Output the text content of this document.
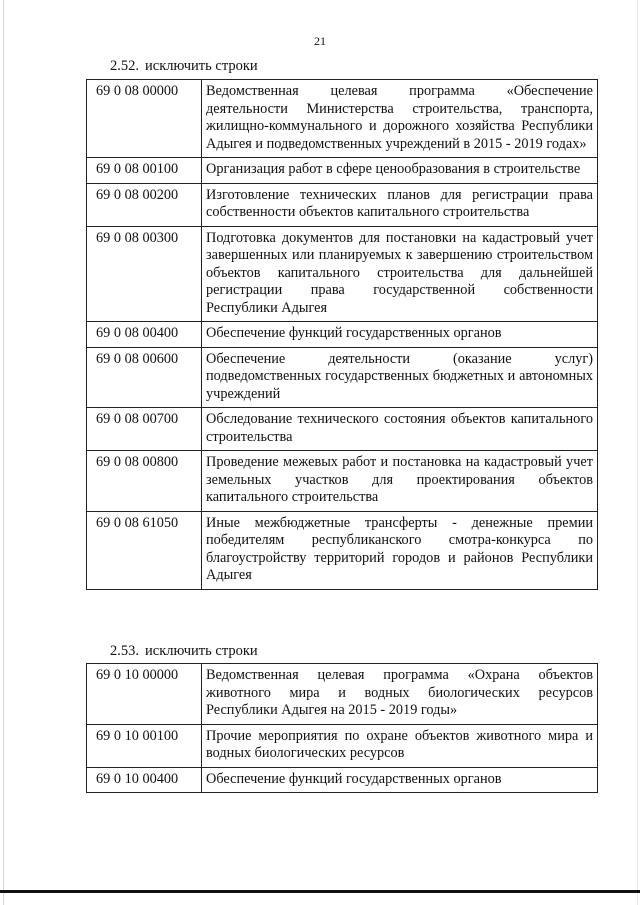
21
2.52. исключить строки
69 0 08 00000	Ведомственная целевая программа «Обеспечение деятельности Министерства строительства, транспорта, жилищно-коммунального и дорожного хозяйства Республики Адыгея и подведомственных учреждений в 2015 - 2019 годах»
69 0 08 00100	Организация работ в сфере ценообразования в строительстве
69 0 08 00200	Изготовление технических планов для регистрации права собственности объектов капитального строительства
69 0 08 00300	Подготовка документов для постановки на кадастровый учет завершенных или планируемых к завершению строительством объектов капитального строительства для дальнейшей регистрации права государственной собственности Республики Адыгея
69 0 08 00400	Обеспечение функций государственных органов
69 0 08 00600	Обеспечение деятельности (оказание услуг) подведомственных государственных бюджетных и автономных учреждений
69 0 08 00700	Обследование технического состояния объектов капитального строительства
69 0 08 00800	Проведение межевых работ и постановка на кадастровый учет земельных участков для проектирования объектов капитального строительства
69 0 08 61050	Иные межбюджетные трансферты - денежные премии победителям республиканского смотра-конкурса по благоустройству территорий городов и районов Республики Адыгея
2.53. исключить строки
69 0 10 00000	Ведомственная целевая программа «Охрана объектов животного мира и водных биологических ресурсов Республики Адыгея на 2015 - 2019 годы»
69 0 10 00100	Прочие мероприятия по охране объектов животного мира и водных биологических ресурсов
69 0 10 00400	Обеспечение функций государственных органов
